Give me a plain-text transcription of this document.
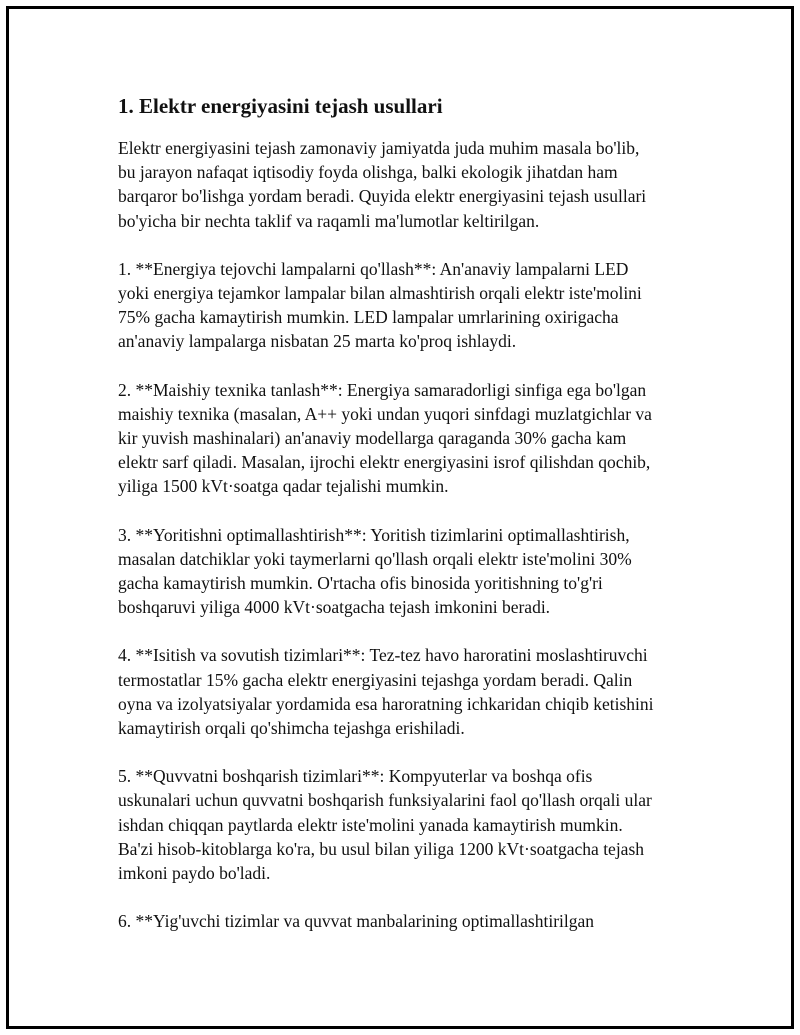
1. Elektr energiyasini tejash usullari

Elektr energiyasini tejash zamonaviy jamiyatda juda muhim masala bo'lib,
bu jarayon nafaqat iqtisodiy foyda olishga, balki ekologik jihatdan ham
barqaror bo'lishga yordam beradi. Quyida elektr energiyasini tejash usullari
bo'yicha bir nechta taklif va raqamli ma'lumotlar keltirilgan.

1. **Energiya tejovchi lampalarni qo'llash**: An'anaviy lampalarni LED
yoki energiya tejamkor lampalar bilan almashtirish orqali elektr iste'molini
75% gacha kamaytirish mumkin. LED lampalar umrlarining oxirigacha
an'anaviy lampalarga nisbatan 25 marta ko'proq ishlaydi.

2. **Maishiy texnika tanlash**: Energiya samaradorligi sinfiga ega bo'lgan
maishiy texnika (masalan, A++ yoki undan yuqori sinfdagi muzlatgichlar va
kir yuvish mashinalari) an'anaviy modellarga qaraganda 30% gacha kam
elektr sarf qiladi. Masalan, ijrochi elektr energiyasini isrof qilishdan qochib,
yiliga 1500 kVt·soatga qadar tejalishi mumkin.

3. **Yoritishni optimallashtirish**: Yoritish tizimlarini optimallashtirish,
masalan datchiklar yoki taymerlarni qo'llash orqali elektr iste'molini 30%
gacha kamaytirish mumkin. O'rtacha ofis binosida yoritishning to'g'ri
boshqaruvi yiliga 4000 kVt·soatgacha tejash imkonini beradi.

4. **Isitish va sovutish tizimlari**: Tez-tez havo haroratini moslashtiruvchi
termostatlar 15% gacha elektr energiyasini tejashga yordam beradi. Qalin
oyna va izolyatsiyalar yordamida esa haroratning ichkaridan chiqib ketishini
kamaytirish orqali qo'shimcha tejashga erishiladi.

5. **Quvvatni boshqarish tizimlari**: Kompyuterlar va boshqa ofis
uskunalari uchun quvvatni boshqarish funksiyalarini faol qo'llash orqali ular
ishdan chiqqan paytlarda elektr iste'molini yanada kamaytirish mumkin.
Ba'zi hisob-kitoblarga ko'ra, bu usul bilan yiliga 1200 kVt·soatgacha tejash
imkoni paydo bo'ladi.

6. **Yig'uvchi tizimlar va quvvat manbalarining optimallashtirilgan
